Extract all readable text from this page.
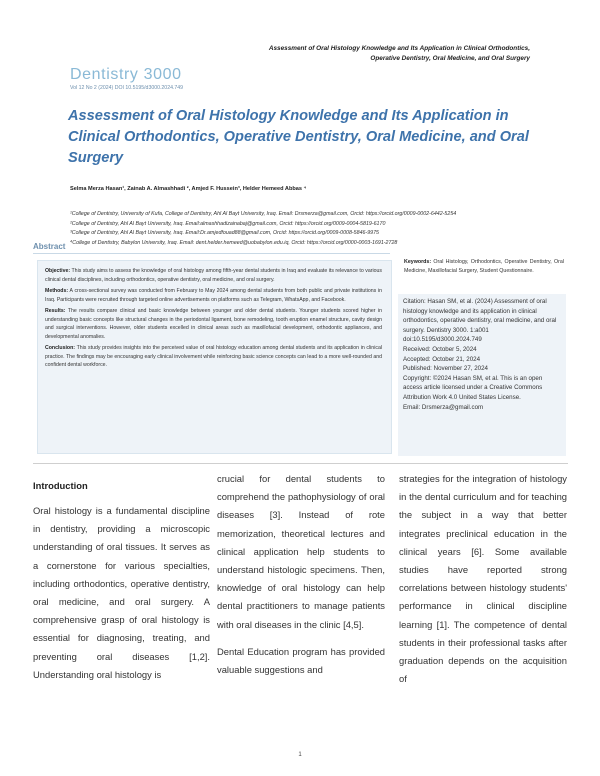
Assessment of Oral Histology Knowledge and Its Application in Clinical Orthodontics,
Operative Dentistry, Oral Medicine, and Oral Surgery
Dentistry 3000
Vol 12 No 2 (2024) DOI 10.5195/d3000.2024.749
Assessment of Oral Histology Knowledge and Its Application in Clinical Orthodontics, Operative Dentistry, Oral Medicine, and Oral Surgery
Selma Merza Hasan¹, Zainab A. Almashhadi ², Amjed F. Hussein³, Helder Hemeed Abbas ⁴

¹College of Dentistry, University of Kufa, College of Dentistry, Ahl Al Bayt University, Iraq. Email: Drsmerza@gmail.com, Orcid: https://orcid.org/0009-0002-6442-5254

²College of Dentistry, Ahl Al Bayt University, Iraq. Email:almashhadizainabaj@gmail.com, Orcid: https://orcid.org/0009-0004-5819-6170

³College of Dentistry, Ahl Al Bayt University, Iraq. Email:Dr.amjedfouad88@gmail.com, Orcid: https://orcid.org/0009-0008-5846-9975

⁴College of Dentistry, Babylon University, Iraq. Email: dent.helder.hemeed@uobabylon.edu.iq, Orcid: https://orcid.org/0000-0003-1691-2728

Abstract

Objective: This study aims to assess the knowledge of oral histology among fifth-year dental students in Iraq and evaluate its relevance to various clinical dental disciplines, including orthodontics, operative dentistry, oral medicine, and oral surgery.

Methods: A cross-sectional survey was conducted from February to May 2024 among dental students from both public and private institutions in Iraq. Participants were recruited through targeted online advertisements on platforms such as Telegram, WhatsApp, and Facebook.

Results: The results compare clinical and basic knowledge between younger and older dental students. Younger students scored higher in understanding basic concepts like structural changes in the periodontal ligament, bone remodeling, tooth eruption enamel structure, cavity design and surgical interventions. However, older students excelled in clinical areas such as maxillofacial development, orthodontic appliances, and developmental anomalies.

Conclusion: This study provides insights into the perceived value of oral histology education among dental students and its application in clinical practice. The findings may be encouraging early clinical involvement while reinforcing basic science concepts can lead to a more well-rounded and confident dental workforce.

Keywords: Oral Histology, Orthodontics, Operative Dentistry, Oral Medicine, Maxillofacial Surgery, Student Questionnaire.

Citation: Hasan SM, et al. (2024) Assessment of oral histology knowledge and its application in clinical orthodontics, operative dentistry, oral medicine, and oral surgery. Dentistry 3000. 1:a001 doi:10.5195/d3000.2024.749

Received: October 5, 2024

Accepted: October 21, 2024

Published: November 27, 2024

Copyright: ©2024 Hasan SM, et al. This is an open access article licensed under a Creative Commons Attribution Work 4.0 United States License.

Email: Drsmerza@gmail.com

Introduction

Oral histology is a fundamental discipline in dentistry, providing a microscopic understanding of oral tissues. It serves as a cornerstone for various specialties, including orthodontics, operative dentistry, oral medicine, and oral surgery. A comprehensive grasp of oral histology is essential for diagnosing, treating, and preventing oral diseases [1,2]. Understanding oral histology is

crucial for dental students to comprehend the pathophysiology of oral diseases [3]. Instead of rote memorization, theoretical lectures and clinical application help students to understand histologic specimens. Then, knowledge of oral histology can help dental practitioners to manage patients with oral diseases in the clinic [4,5].

Dental Education program has provided valuable suggestions and

strategies for the integration of histology in the dental curriculum and for teaching the subject in a way that better integrates preclinical education in the clinical years [6]. Some available studies have reported strong correlations between histology students' performance in clinical discipline learning [1]. The competence of dental students in their professional tasks after graduation depends on the acquisition of

1
